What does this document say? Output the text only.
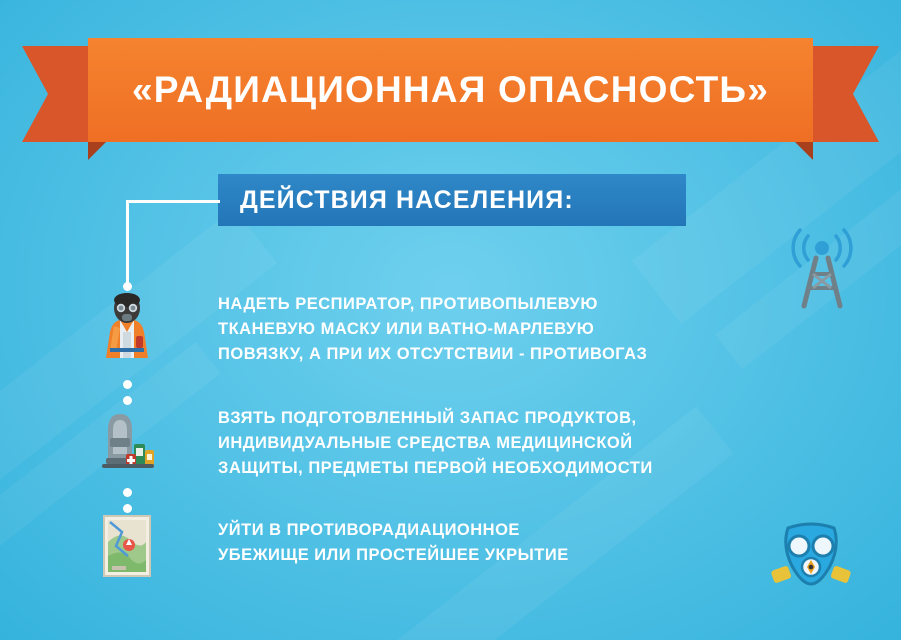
«РАДИАЦИОННАЯ ОПАСНОСТЬ»
ДЕЙСТВИЯ НАСЕЛЕНИЯ:
НАДЕТЬ РЕСПИРАТОР, ПРОТИВОПЫЛЕВУЮ
ТКАНЕВУЮ МАСКУ ИЛИ ВАТНО-МАРЛЕВУЮ
ПОВЯЗКУ, А ПРИ ИХ ОТСУТСТВИИ - ПРОТИВОГАЗ
ВЗЯТЬ ПОДГОТОВЛЕННЫЙ ЗАПАС ПРОДУКТОВ,
ИНДИВИДУАЛЬНЫЕ СРЕДСТВА МЕДИЦИНСКОЙ
ЗАЩИТЫ, ПРЕДМЕТЫ ПЕРВОЙ НЕОБХОДИМОСТИ
УЙТИ В ПРОТИВОРАДИАЦИОННОЕ
УБЕЖИЩЕ ИЛИ ПРОСТЕЙШЕЕ УКРЫТИЕ
